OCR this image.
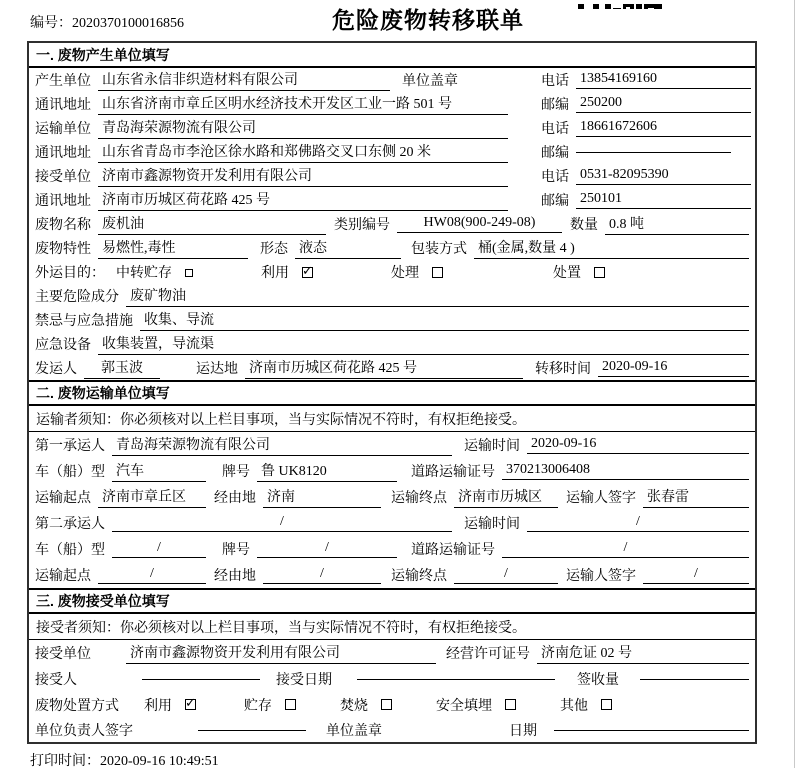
编号：2020370100016856	危险废物转移联单
一. 废物产生单位填写
产生单位 山东省永信非织造材料有限公司	单位盖章	电话 13854169160
通讯地址 山东省济南市章丘区明水经济技术开发区工业一路 501 号	邮编 250200
运输单位 青岛海荣源物流有限公司	电话 18661672606
通讯地址 山东省青岛市李沧区徐水路和郑佛路交叉口东侧 20 米	邮编
接受单位 济南市鑫源物资开发利用有限公司	电话 0531-82095390
通讯地址 济南市历城区荷花路 425 号	邮编 250101
废物名称 废机油	类别编号	HW08(900-249-08)	数量 0.8 吨
废物特性 易燃性,毒性	形态 液态	包装方式 桶(金属,数量 4 )
外运目的： 中转贮存	利用 ✓	处理	处置
主要危险成分 废矿物油
禁忌与应急措施 收集、导流
应急设备 收集装置，导流渠
发运人	郭玉波	运达地 济南市历城区荷花路 425 号	转移时间 2020-09-16
二. 废物运输单位填写
运输者须知：你必须核对以上栏目事项，当与实际情况不符时，有权拒绝接受。
第一承运人 青岛海荣源物流有限公司	运输时间 2020-09-16
车（船）型 汽车	牌号 鲁 UK8120	道路运输证号 370213006408
运输起点 济南市章丘区	经由地 济南	运输终点 济南市历城区	运输人签字 张春雷
第二承运人	/	运输时间	/
车（船）型	/	牌号	/	道路运输证号	/
运输起点	/	经由地	/	运输终点	/	运输人签字	/
三. 废物接受单位填写
接受者须知：你必须核对以上栏目事项，当与实际情况不符时，有权拒绝接受。
接受单位	济南市鑫源物资开发利用有限公司	经营许可证号 济南危证 02 号
接受人	接受日期	签收量
废物处置方式 利用 ✓	贮存	焚烧	安全填埋	其他
单位负责人签字	单位盖章	日期
打印时间：2020-09-16 10:49:51
